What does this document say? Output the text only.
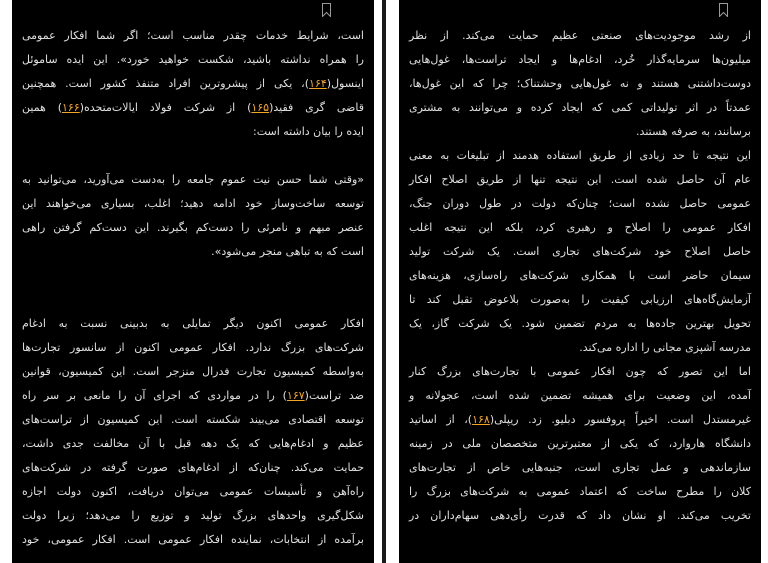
است، شرایط خدمات چقدر مناسب است؛ اگر شما افکار عمومی
را همراه نداشته باشید، شکست خواهید خورد». این ایده ساموئل
اینسول(۱۶۴)، یکی از پیشروترین افراد متنفذ کشور است. همچنین
قاضی گری فقید(۱۶۵) از شرکت فولاد ایالات‌متحده(۱۶۶) همین
ایده را بیان داشته است:
«وقتی شما حسن نیت عموم جامعه را به‌دست می‌آورید، می‌توانید به
توسعه ساخت‌وساز خود ادامه دهید؛ اغلب، بسیاری می‌خواهند این
عنصر مبهم و نامرئی را دست‌کم بگیرند. این دست‌کم گرفتن راهی
است که به تباهی منجر می‌شود».
افکار عمومی اکنون دیگر تمایلی به بدبینی نسبت به ادغام
شرکت‌های بزرگ ندارد. افکار عمومی اکنون از سانسور تجارت‌ها
به‌واسطه کمیسیون تجارت فدرال منزجر است. این کمیسیون، قوانین
ضد تراست(۱۶۷) را در مواردی که اجرای آن را مانعی بر سر راه
توسعه اقتصادی می‌بیند شکسته است. این کمیسیون از تراست‌های
عظیم و ادغام‌هایی که یک دهه قبل با آن مخالفت جدی داشت،
حمایت می‌کند. چنان‌که از ادغام‌های صورت گرفته در شرکت‌های
راه‌آهن و تأسیسات عمومی می‌توان دریافت، اکنون دولت اجازه
شکل‌گیری واحدهای بزرگ تولید و توزیع را می‌دهد؛ زیرا دولت
برآمده از انتخابات، نماینده افکار عمومی است. افکار عمومی، خود
از رشد موجودیت‌های صنعتی عظیم حمایت می‌کند. از نظر
میلیون‌ها سرمایه‌گذار خُرد، ادغام‌ها و ایجاد تراست‌ها، غول‌هایی
دوست‌داشتنی هستند و نه غول‌هایی وحشتناک؛ چرا که این غول‌ها،
عمدتاً در اثر تولیداتی کمی که ایجاد کرده و می‌توانند به مشتری
برسانند، به صرفه هستند.
این نتیجه تا حد زیادی از طریق استفاده هدمند از تبلیغات به معنی
عام آن حاصل شده است. این نتیجه تنها از طریق اصلاح افکار
عمومی حاصل نشده است؛ چنان‌که دولت در طول دوران جنگ،
افکار عمومی را اصلاح و رهبری کرد، بلکه این نتیجه اغلب
حاصل اصلاح خود شرکت‌های تجاری است. یک شرکت تولید
سیمان حاضر است با همکاری شرکت‌های راه‌سازی، هزینه‌های
آزمایش‌گاه‌های ارزیابی کیفیت را به‌صورت بلاعوض تقبل کند تا
تحویل بهترین جاده‌ها به مردم تضمین شود. یک شرکت گاز، یک
مدرسه آشپزی مجانی را اداره می‌کند.
اما این تصور که چون افکار عمومی با تجارت‌های بزرگ کنار
آمده، این وضعیت برای همیشه تضمین شده است، عجولانه و
غیرمستدل است. اخیراً پروفسور دبلیو. زد. ریپلی(۱۶۸)، از اساتید
دانشگاه هاروارد، که یکی از معتبرترین متخصصان ملی در زمینه
سازماندهی و عمل تجاری است، جنبه‌هایی خاص از تجارت‌های
کلان را مطرح ساخت که اعتماد عمومی به شرکت‌های بزرگ را
تخریب می‌کند. او نشان داد که قدرت رأی‌دهی سهام‌داران در
